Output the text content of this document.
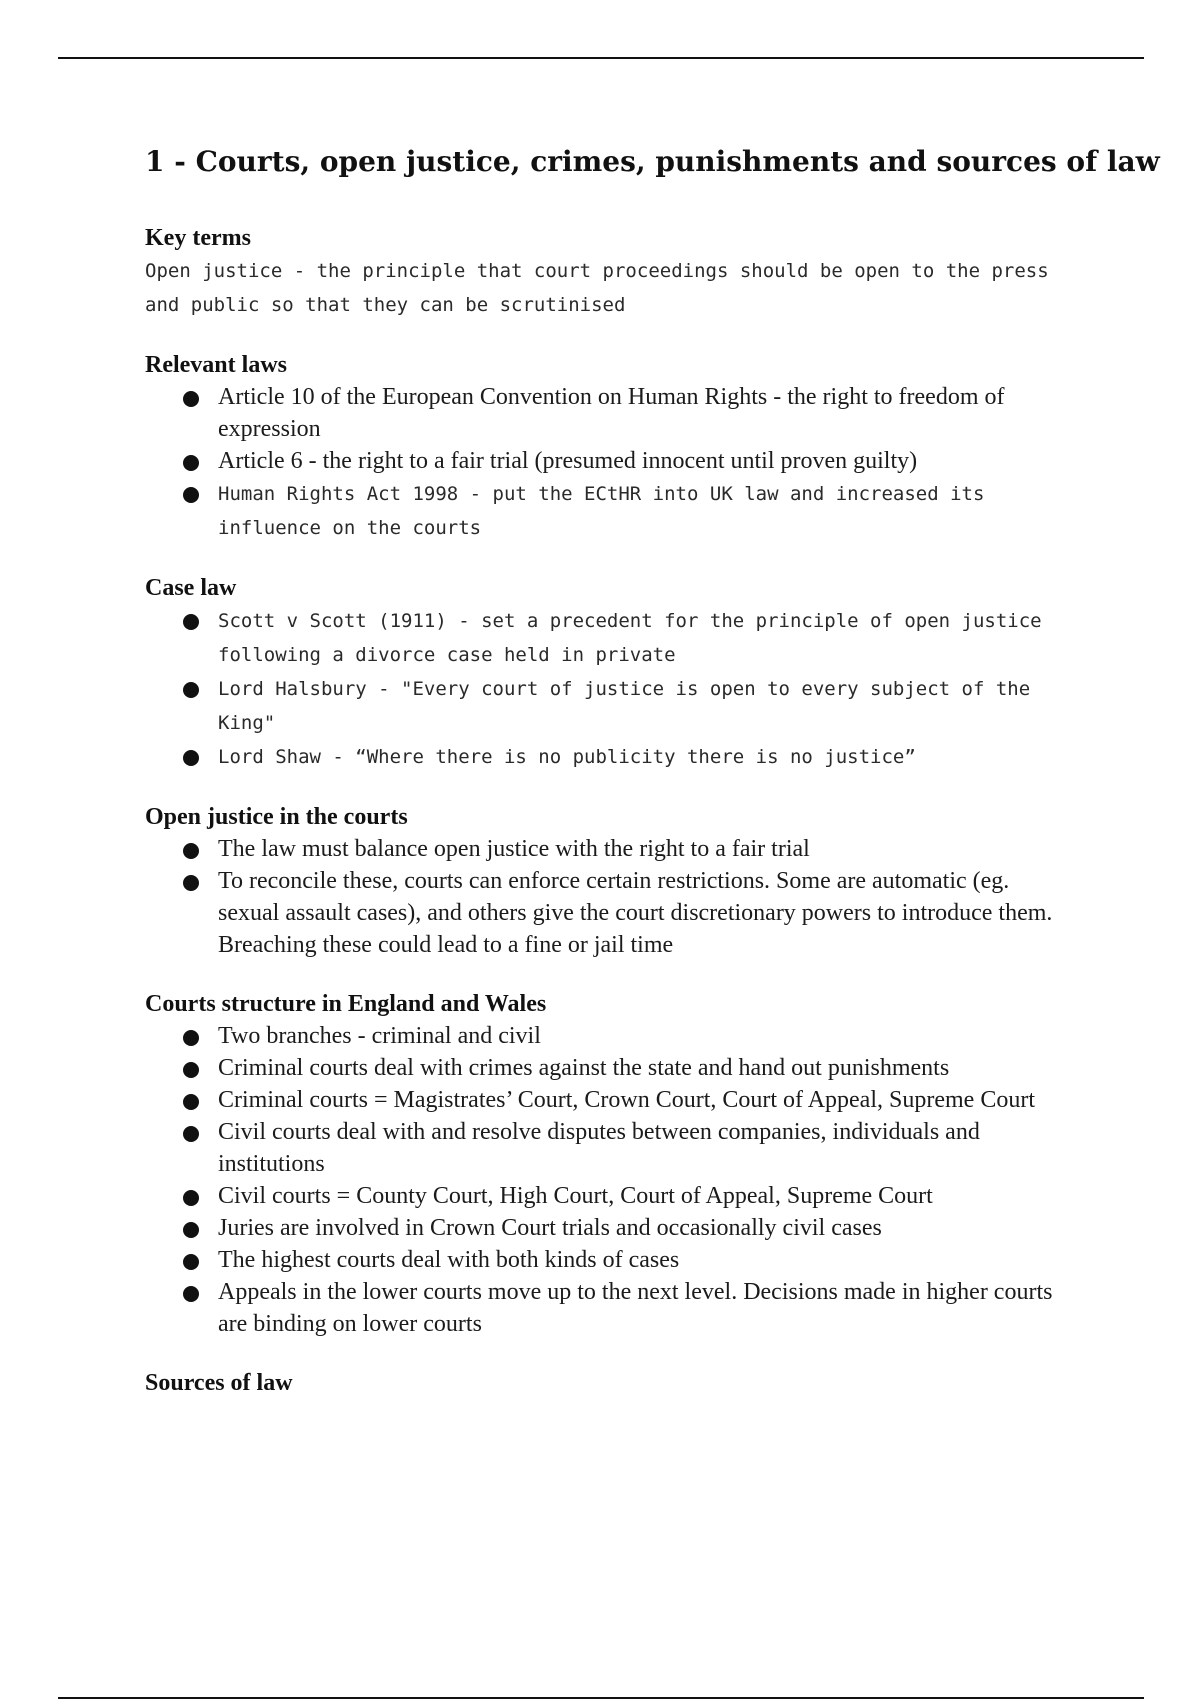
1 - Courts, open justice, crimes, punishments and sources of law
Key terms

Open justice - the principle that court proceedings should be open to the press and public so that they can be scrutinised

Relevant laws
Article 10 of the European Convention on Human Rights - the right to freedom of expression
Article 6 - the right to a fair trial (presumed innocent until proven guilty)
Human Rights Act 1998 - put the ECtHR into UK law and increased its influence on the courts
Case law
Scott v Scott (1911) - set a precedent for the principle of open justice following a divorce case held in private
Lord Halsbury - "Every court of justice is open to every subject of the King"
Lord Shaw - “Where there is no publicity there is no justice”
Open justice in the courts
The law must balance open justice with the right to a fair trial
To reconcile these, courts can enforce certain restrictions. Some are automatic (eg. sexual assault cases), and others give the court discretionary powers to introduce them. Breaching these could lead to a fine or jail time
Courts structure in England and Wales
Two branches - criminal and civil
Criminal courts deal with crimes against the state and hand out punishments
Criminal courts = Magistrates’ Court, Crown Court, Court of Appeal, Supreme Court
Civil courts deal with and resolve disputes between companies, individuals and institutions
Civil courts = County Court, High Court, Court of Appeal, Supreme Court
Juries are involved in Crown Court trials and occasionally civil cases
The highest courts deal with both kinds of cases
Appeals in the lower courts move up to the next level. Decisions made in higher courts are binding on lower courts
Sources of law
